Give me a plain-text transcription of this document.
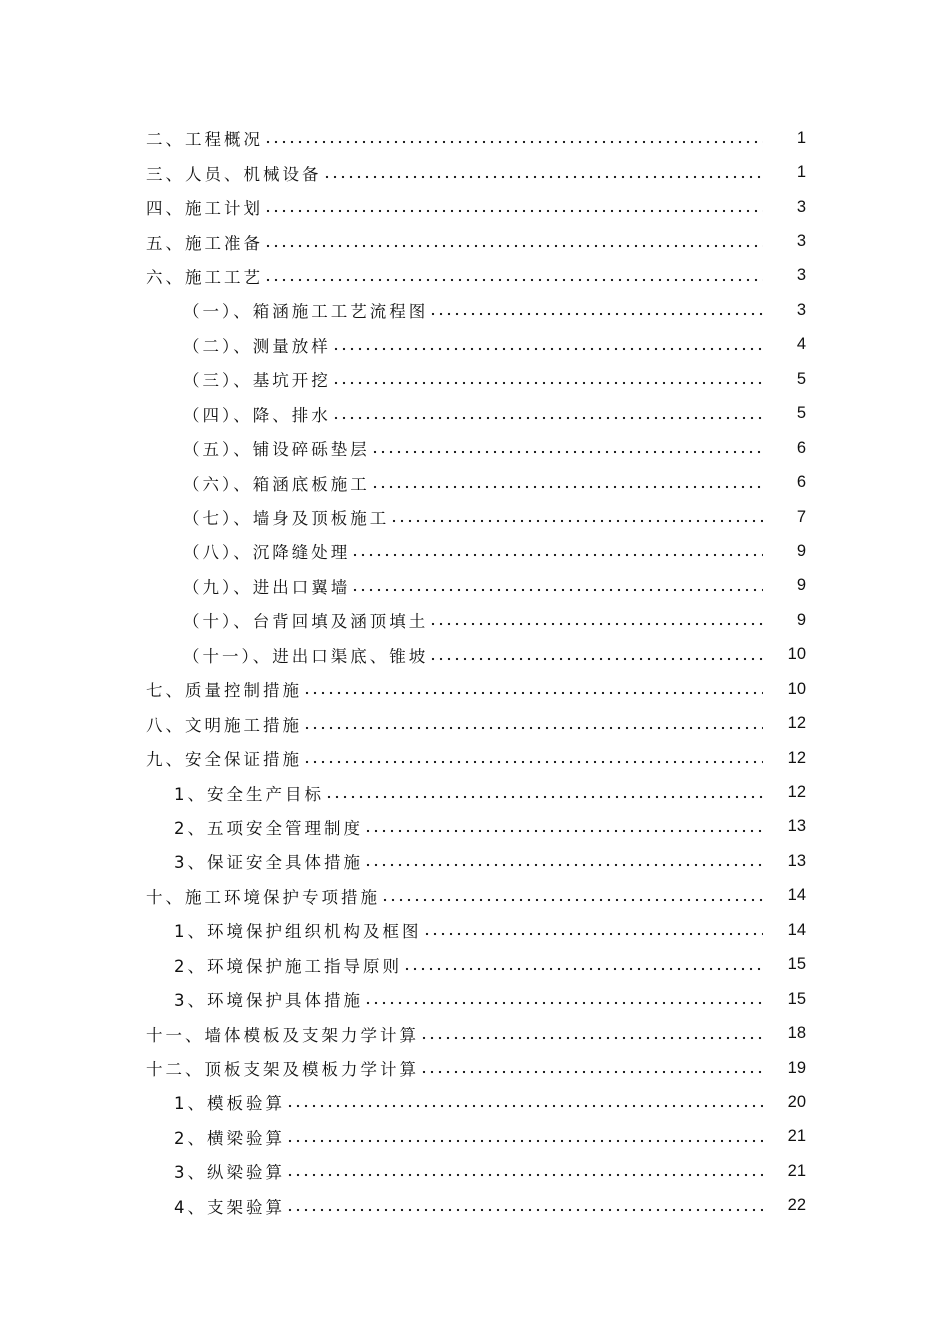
二、工程概况	1
三、人员、机械设备	1
四、施工计划	3
五、施工准备	3
六、施工工艺	3
（一）、箱涵施工工艺流程图	3
（二）、测量放样	4
（三）、基坑开挖	5
（四）、降、排水	5
（五）、铺设碎砾垫层	6
（六）、箱涵底板施工	6
（七）、墙身及顶板施工	7
（八）、沉降缝处理	9
（九）、进出口翼墙	9
（十）、台背回填及涵顶填土	9
（十一）、进出口渠底、锥坡	10
七、质量控制措施	10
八、文明施工措施	12
九、安全保证措施	12
1、安全生产目标	12
2、五项安全管理制度	13
3、保证安全具体措施	13
十、施工环境保护专项措施	14
1、环境保护组织机构及框图	14
2、环境保护施工指导原则	15
3、环境保护具体措施	15
十一、墙体模板及支架力学计算	18
十二、顶板支架及模板力学计算	19
1、模板验算	20
2、横梁验算	21
3、纵梁验算	21
4、支架验算	22
